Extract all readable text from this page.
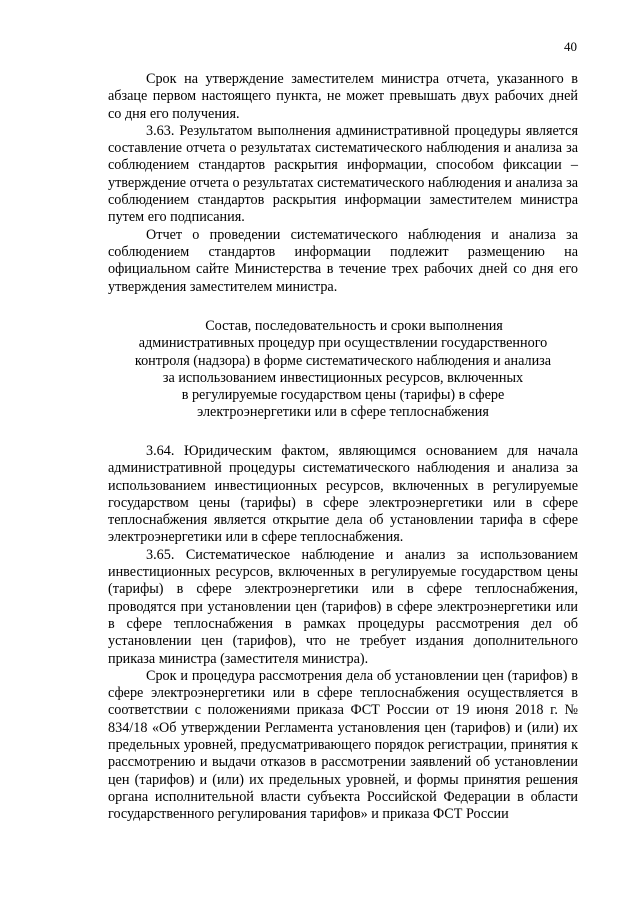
40

Срок на утверждение заместителем министра отчета, указанного в абзаце первом настоящего пункта, не может превышать двух рабочих дней со дня его получения.

3.63. Результатом выполнения административной процедуры является составление отчета о результатах систематического наблюдения и анализа за соблюдением стандартов раскрытия информации, способом фиксации – утверждение отчета о результатах систематического наблюдения и анализа за соблюдением стандартов раскрытия информации заместителем министра путем его подписания.

Отчет о проведении систематического наблюдения и анализа за соблюдением стандартов информации подлежит размещению на официальном сайте Министерства в течение трех рабочих дней со дня его утверждения заместителем министра.

Состав, последовательность и сроки выполнения
административных процедур при осуществлении государственного
контроля (надзора) в форме систематического наблюдения и анализа
за использованием инвестиционных ресурсов, включенных
в регулируемые государством цены (тарифы) в сфере
электроэнергетики или в сфере теплоснабжения

3.64. Юридическим фактом, являющимся основанием для начала административной процедуры систематического наблюдения и анализа за использованием инвестиционных ресурсов, включенных в регулируемые государством цены (тарифы) в сфере электроэнергетики или в сфере теплоснабжения является открытие дела об установлении тарифа в сфере электроэнергетики или в сфере теплоснабжения.

3.65. Систематическое наблюдение и анализ за использованием инвестиционных ресурсов, включенных в регулируемые государством цены (тарифы) в сфере электроэнергетики или в сфере теплоснабжения, проводятся при установлении цен (тарифов) в сфере электроэнергетики или в сфере теплоснабжения в рамках процедуры рассмотрения дел об установлении цен (тарифов), что не требует издания дополнительного приказа министра (заместителя министра).

Срок и процедура рассмотрения дела об установлении цен (тарифов) в сфере электроэнергетики или в сфере теплоснабжения осуществляется в соответствии с положениями приказа ФСТ России от 19 июня 2018 г. № 834/18 «Об утверждении Регламента установления цен (тарифов) и (или) их предельных уровней, предусматривающего порядок регистрации, принятия к рассмотрению и выдачи отказов в рассмотрении заявлений об установлении цен (тарифов) и (или) их предельных уровней, и формы принятия решения органа исполнительной власти субъекта Российской Федерации в области государственного регулирования тарифов» и приказа ФСТ России
